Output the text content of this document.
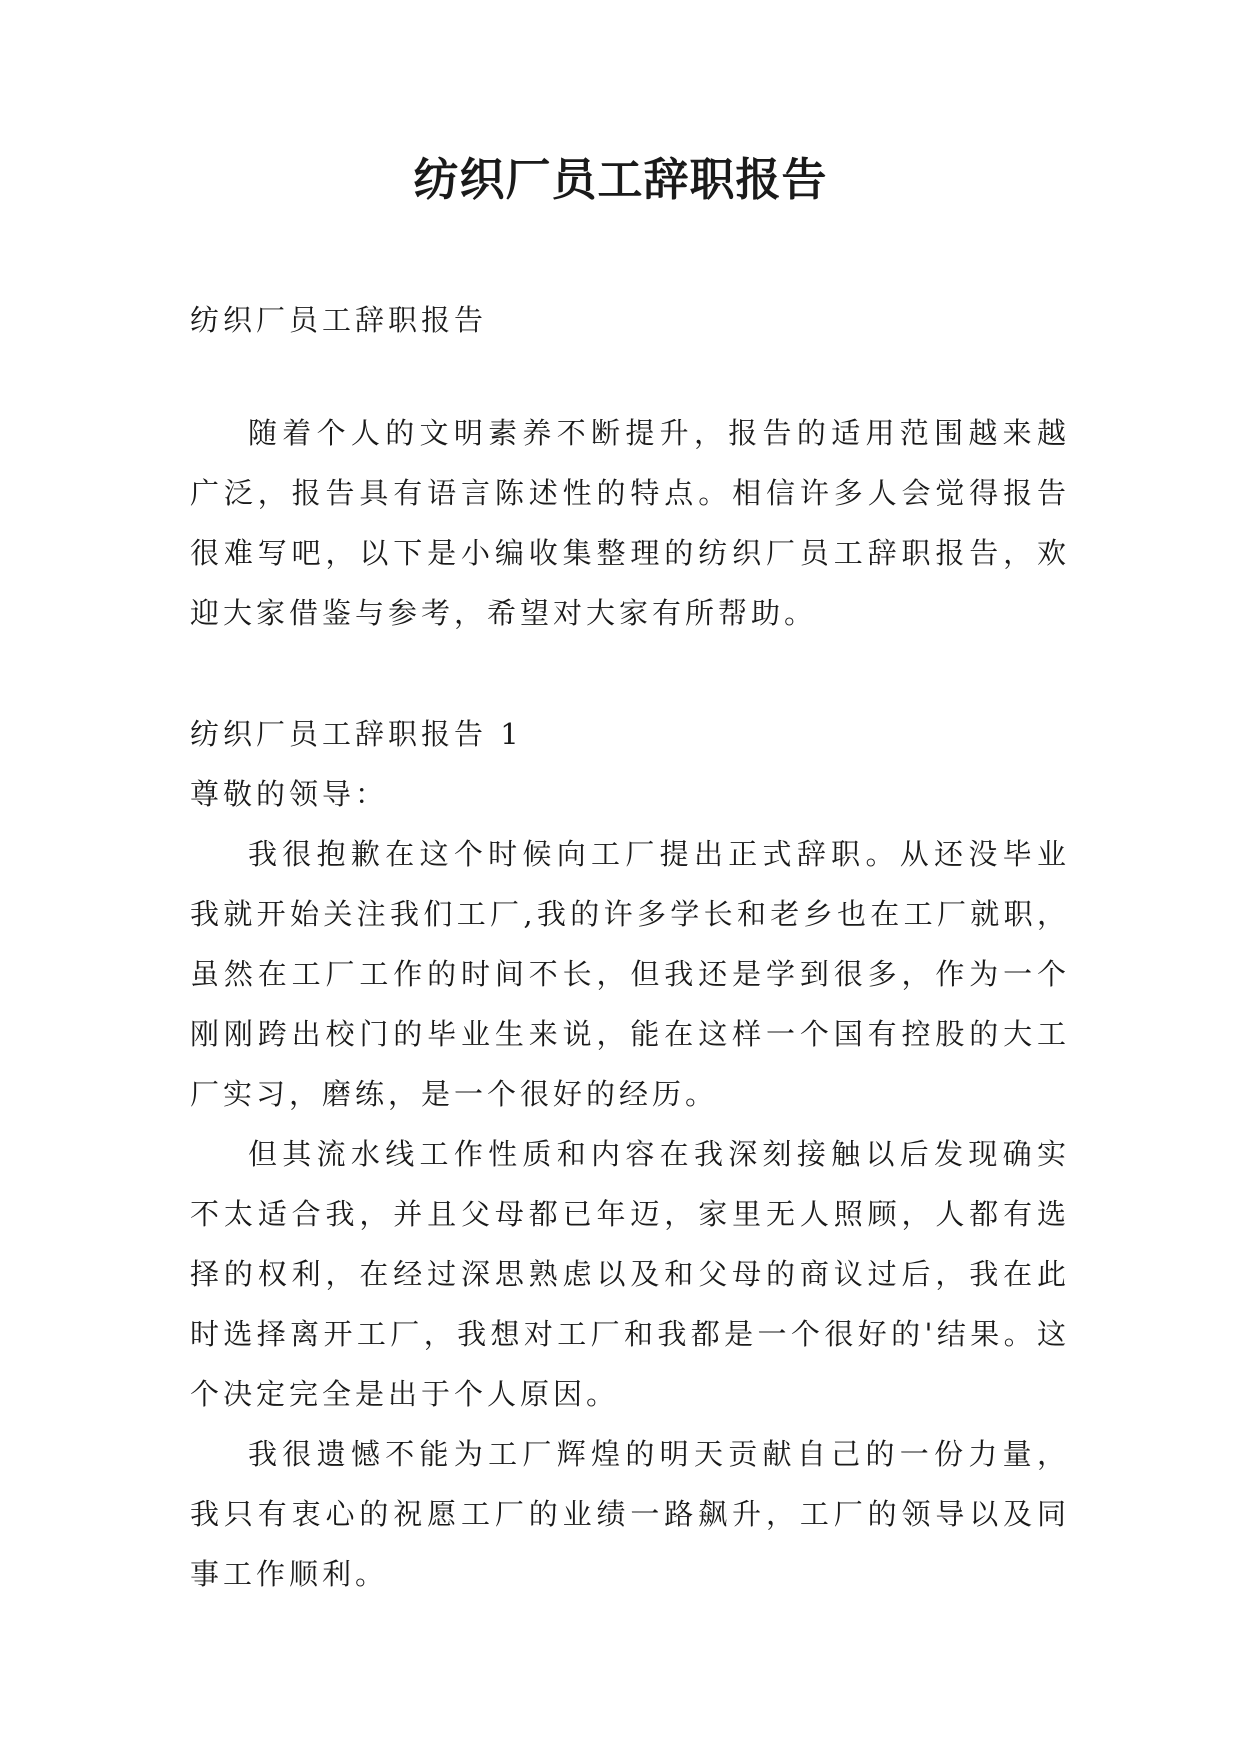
纺织厂员工辞职报告

纺织厂员工辞职报告

随着个人的文明素养不断提升，报告的适用范围越来越广泛，报告具有语言陈述性的特点。相信许多人会觉得报告很难写吧，以下是小编收集整理的纺织厂员工辞职报告，欢迎大家借鉴与参考，希望对大家有所帮助。

纺织厂员工辞职报告 1

尊敬的领导：

我很抱歉在这个时候向工厂提出正式辞职。从还没毕业我就开始关注我们工厂,我的许多学长和老乡也在工厂就职，虽然在工厂工作的时间不长，但我还是学到很多，作为一个刚刚跨出校门的毕业生来说，能在这样一个国有控股的大工厂实习，磨练，是一个很好的经历。

但其流水线工作性质和内容在我深刻接触以后发现确实不太适合我，并且父母都已年迈，家里无人照顾，人都有选择的权利，在经过深思熟虑以及和父母的商议过后，我在此时选择离开工厂，我想对工厂和我都是一个很好的'结果。这个决定完全是出于个人原因。

我很遗憾不能为工厂辉煌的明天贡献自己的一份力量，我只有衷心的祝愿工厂的业绩一路飙升，工厂的领导以及同事工作顺利。
